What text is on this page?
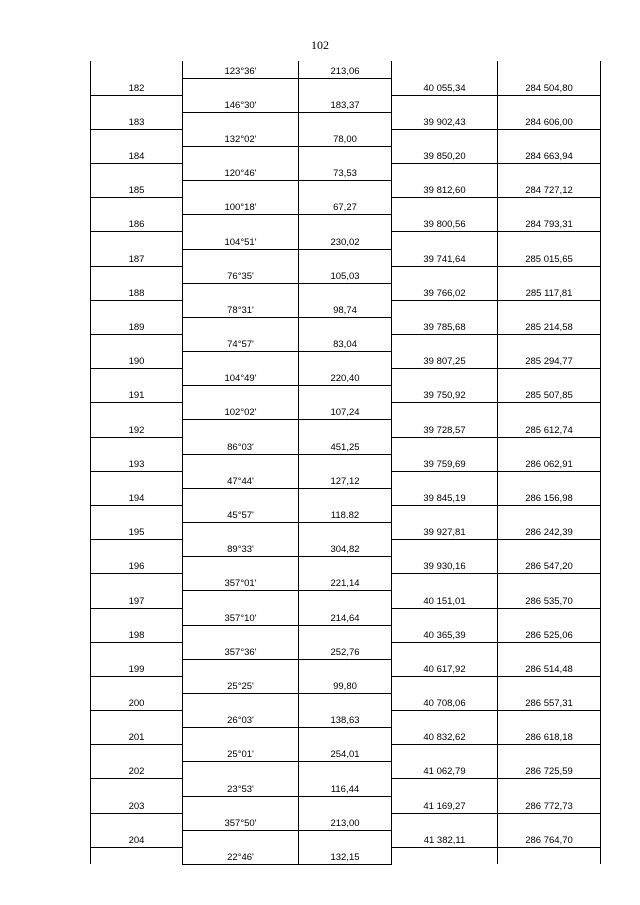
102
	123°36'	213,06		
182			40 055,34	284 504,80
	146°30'	183,37		
183			39 902,43	284 606,00
	132°02'	78,00		
184			39 850,20	284 663,94
	120°46'	73,53		
185			39 812,60	284 727,12
	100°18'	67,27		
186			39 800,56	284 793,31
	104°51'	230,02		
187			39 741,64	285 015,65
	76°35'	105,03		
188			39 766,02	285 117,81
	78°31'	98,74		
189			39 785,68	285 214,58
	74°57'	83,04		
190			39 807,25	285 294,77
	104°49'	220,40		
191			39 750,92	285 507,85
	102°02'	107,24		
192			39 728,57	285 612,74
	86°03'	451,25		
193			39 759,69	286 062,91
	47°44'	127,12		
194			39 845,19	286 156,98
	45°57'	118.82		
195			39 927,81	286 242,39
	89°33'	304,82		
196			39 930,16	286 547,20
	357°01'	221,14		
197			40 151,01	286 535,70
	357°10'	214,64		
198			40 365,39	286 525,06
	357°36'	252,76		
199			40 617,92	286 514,48
	25°25'	99,80		
200			40 708,06	286 557,31
	26°03'	138,63		
201			40 832,62	286 618,18
	25°01'	254,01		
202			41 062,79	286 725,59
	23°53'	116,44		
203			41 169,27	286 772,73
	357°50'	213,00		
204			41 382,11	286 764,70
	22°46'	132,15		
